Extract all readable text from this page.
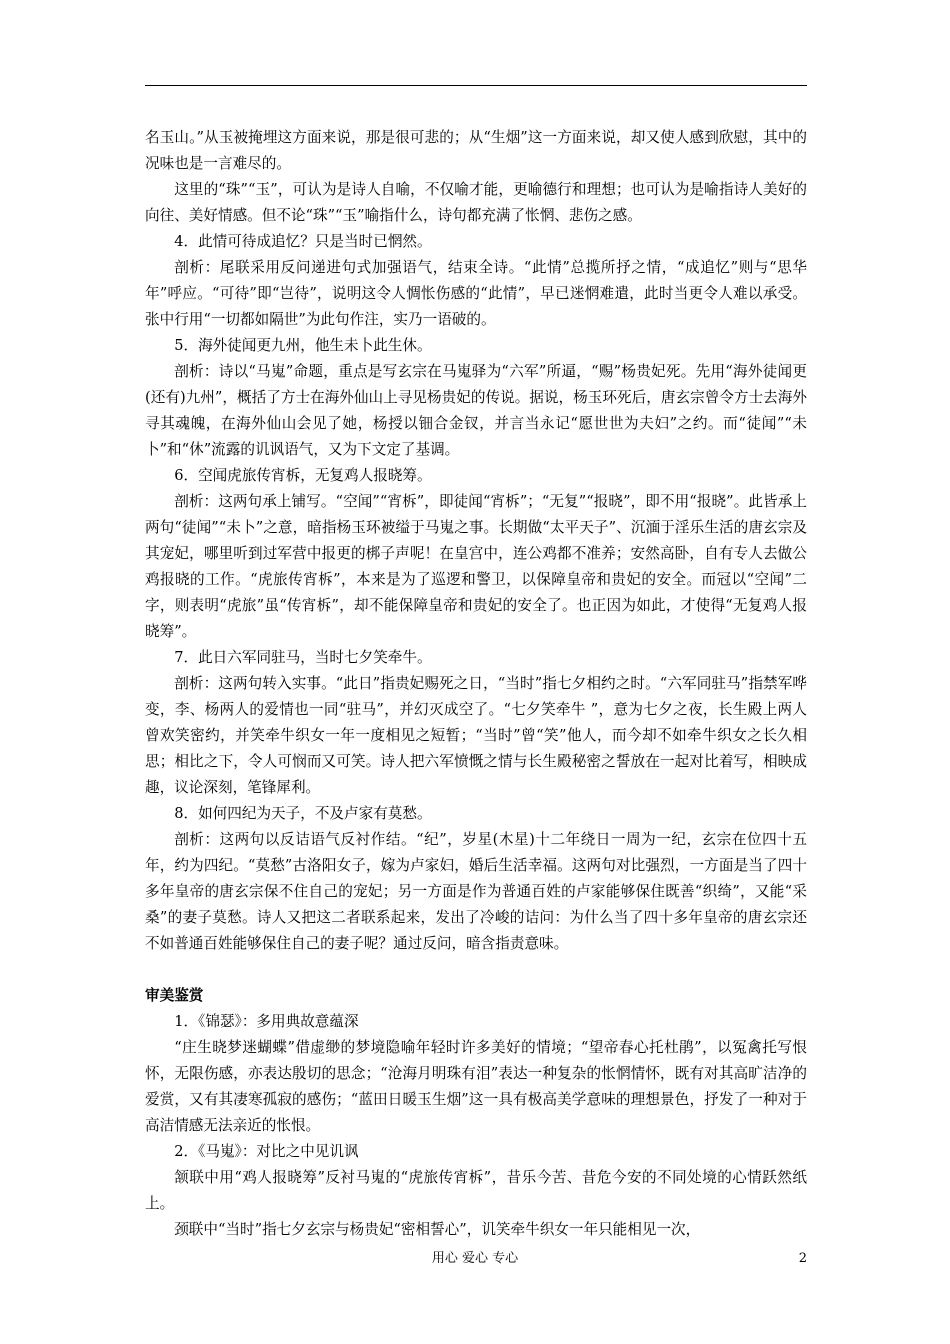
名玉山。”从玉被掩埋这方面来说，那是很可悲的；从“生烟”这一方面来说，却又使人感到欣慰，其中的况味也是一言难尽的。

这里的“珠”“玉”，可认为是诗人自喻，不仅喻才能，更喻德行和理想；也可认为是喻指诗人美好的向往、美好情感。但不论“珠”“玉”喻指什么，诗句都充满了怅惘、悲伤之感。

4．此情可待成追忆？只是当时已惘然。

剖析：尾联采用反问递进句式加强语气，结束全诗。“此情”总揽所抒之情，“成追忆”则与“思华年”呼应。“可待”即“岂待”，说明这令人惆怅伤感的“此情”，早已迷惘难遣，此时当更令人难以承受。张中行用“一切都如隔世”为此句作注，实乃一语破的。

5．海外徒闻更九州，他生未卜此生休。

剖析：诗以“马嵬”命题，重点是写玄宗在马嵬驿为“六军”所逼，“赐”杨贵妃死。先用“海外徒闻更(还有)九州”，概括了方士在海外仙山上寻见杨贵妃的传说。据说，杨玉环死后，唐玄宗曾令方士去海外寻其魂魄，在海外仙山会见了她，杨授以钿合金钗，并言当永记“愿世世为夫妇”之约。而“徒闻”“未卜”和“休”流露的讥讽语气，又为下文定了基调。

6．空闻虎旅传宵柝，无复鸡人报晓筹。

剖析：这两句承上铺写。“空闻”“宵柝”，即徒闻“宵柝”；“无复”“报晓”，即不用“报晓”。此皆承上两句“徒闻”“未卜”之意，暗指杨玉环被缢于马嵬之事。长期做“太平天子”、沉湎于淫乐生活的唐玄宗及其宠妃，哪里听到过军营中报更的梆子声呢！在皇宫中，连公鸡都不准养；安然高卧，自有专人去做公鸡报晓的工作。“虎旅传宵柝”，本来是为了巡逻和警卫，以保障皇帝和贵妃的安全。而冠以“空闻”二字，则表明“虎旅”虽“传宵柝”，却不能保障皇帝和贵妃的安全了。也正因为如此，才使得“无复鸡人报晓筹”。

7．此日六军同驻马，当时七夕笑牵牛。

剖析：这两句转入实事。“此日”指贵妃赐死之日，“当时”指七夕相约之时。“六军同驻马”指禁军哗变，李、杨两人的爱情也一同“驻马”，并幻灭成空了。“七夕笑牵牛 ”，意为七夕之夜，长生殿上两人曾欢笑密约，并笑牵牛织女一年一度相见之短暂；“当时”曾“笑”他人，而今却不如牵牛织女之长久相思；相比之下，令人可悯而又可笑。诗人把六军愤慨之情与长生殿秘密之誓放在一起对比着写，相映成趣，议论深刻，笔锋犀利。

8．如何四纪为天子，不及卢家有莫愁。

剖析：这两句以反诘语气反衬作结。“纪”，岁星(木星)十二年绕日一周为一纪，玄宗在位四十五年，约为四纪。“莫愁”古洛阳女子，嫁为卢家妇，婚后生活幸福。这两句对比强烈，一方面是当了四十多年皇帝的唐玄宗保不住自己的宠妃；另一方面是作为普通百姓的卢家能够保住既善“织绮”，又能“采桑”的妻子莫愁。诗人又把这二者联系起来，发出了冷峻的诘问：为什么当了四十多年皇帝的唐玄宗还不如普通百姓能够保住自己的妻子呢？通过反问，暗含指责意味。

审美鉴赏

1．《锦瑟》：多用典故意蕴深

“庄生晓梦迷蝴蝶”借虚缈的梦境隐喻年轻时许多美好的情境；“望帝春心托杜鹃”，以冤禽托写恨怀，无限伤感，亦表达殷切的思念；“沧海月明珠有泪”表达一种复杂的怅惘情怀，既有对其高旷洁净的爱赏，又有其凄寒孤寂的感伤；“蓝田日暖玉生烟”这一具有极高美学意味的理想景色，抒发了一种对于高洁情感无法亲近的怅恨。

2．《马嵬》：对比之中见讥讽

颔联中用“鸡人报晓筹”反衬马嵬的“虎旅传宵柝”，昔乐今苦、昔危今安的不同处境的心情跃然纸上。

颈联中“当时”指七夕玄宗与杨贵妃“密相誓心”，讥笑牵牛织女一年只能相见一次，

用心 爱心 专心	2
